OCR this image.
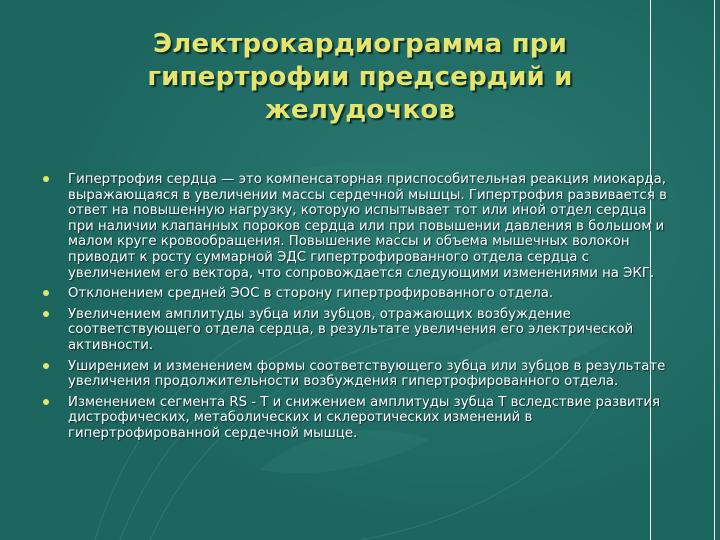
Электрокардиограмма при
гипертрофии предсердий и
желудочков
Гипертрофия сердца — это компенсаторная приспособительная реакция миокарда, выражающаяся в увеличении массы сердечной мышцы. Гипертрофия развивается в ответ на повышенную нагрузку, которую испытывает тот или иной отдел сердца при наличии клапанных пороков сердца или при повышении давления в большом и малом круге кровообращения. Повышение массы и объема мышечных волокон приводит к росту суммарной ЭДС гипертрофированного отдела сердца с увеличением его вектора, что сопровождается следующими изменениями на ЭКГ.
Отклонением средней ЭОС в сторону гипертрофированного отдела.
Увеличением амплитуды зубца или зубцов, отражающих возбуждение соответствующего отдела сердца, в результате увеличения его электрической активности.
Уширением и изменением формы соответствующего зубца или зубцов в результате увеличения продолжительности возбуждения гипертрофированного отдела.
Изменением сегмента RS - T и снижением амплитуды зубца T вследствие развития дистрофических, метаболических и склеротических изменений в гипертрофированной сердечной мышце.
